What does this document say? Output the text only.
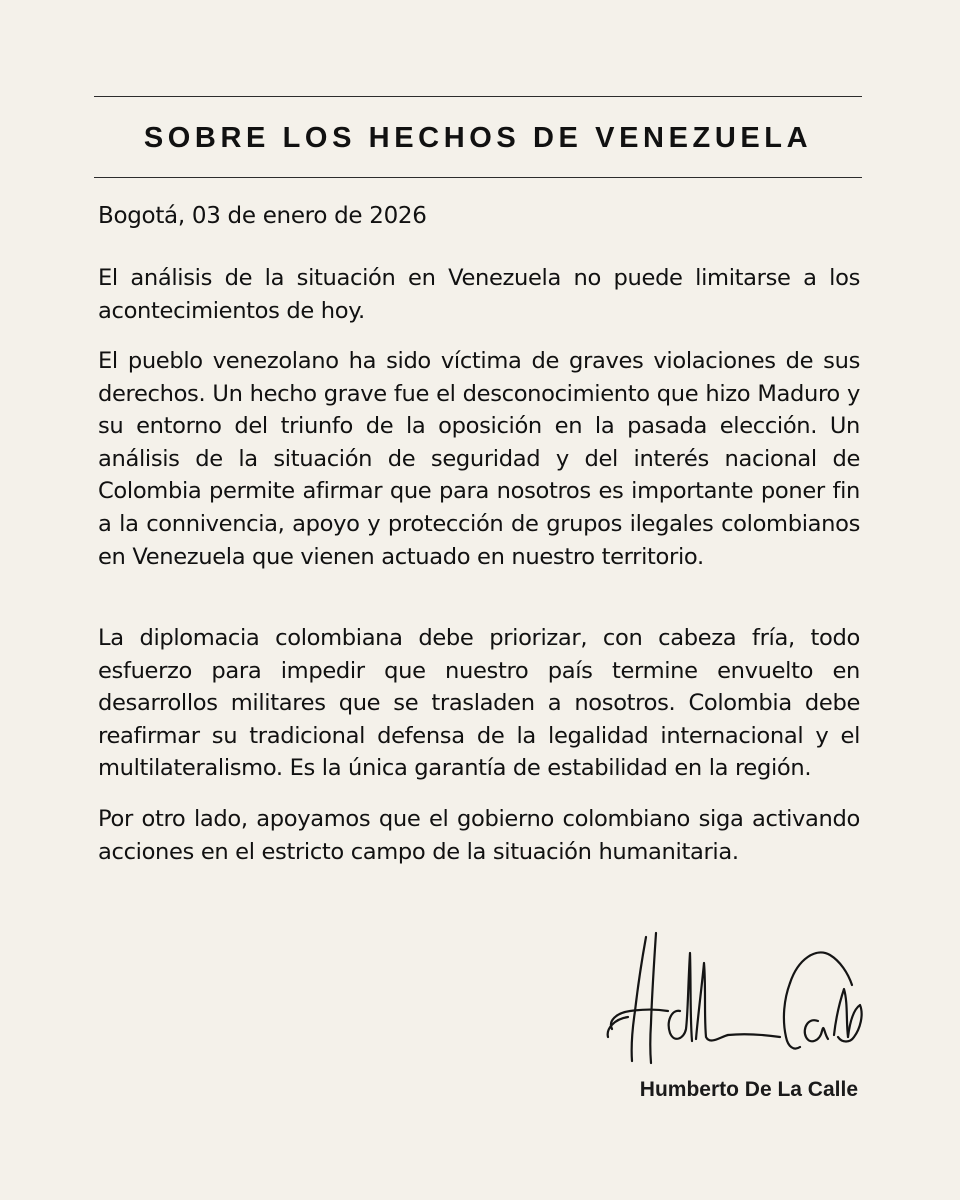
SOBRE LOS HECHOS DE VENEZUELA
Bogotá, 03 de enero de 2026

El análisis de la situación en Venezuela no puede limitarse a los acontecimientos de hoy.

El pueblo venezolano ha sido víctima de graves violaciones de sus derechos. Un hecho grave fue el desconocimiento que hizo Maduro y su entorno del triunfo de la oposición en la pasada elección. Un análisis de la situación de seguridad y del interés nacional de Colombia permite afirmar que para nosotros es importante poner fin a la connivencia, apoyo y protección de grupos ilegales colombianos en Venezuela que vienen actuado en nuestro territorio.

La diplomacia colombiana debe priorizar, con cabeza fría, todo esfuerzo para impedir que nuestro país termine envuelto en desarrollos militares que se trasladen a nosotros. Colombia debe reafirmar su tradicional defensa de la legalidad internacional y el multilateralismo. Es la única garantía de estabilidad en la región.

Por otro lado, apoyamos que el gobierno colombiano siga activando acciones en el estricto campo de la situación humanitaria.

Humberto De La Calle
